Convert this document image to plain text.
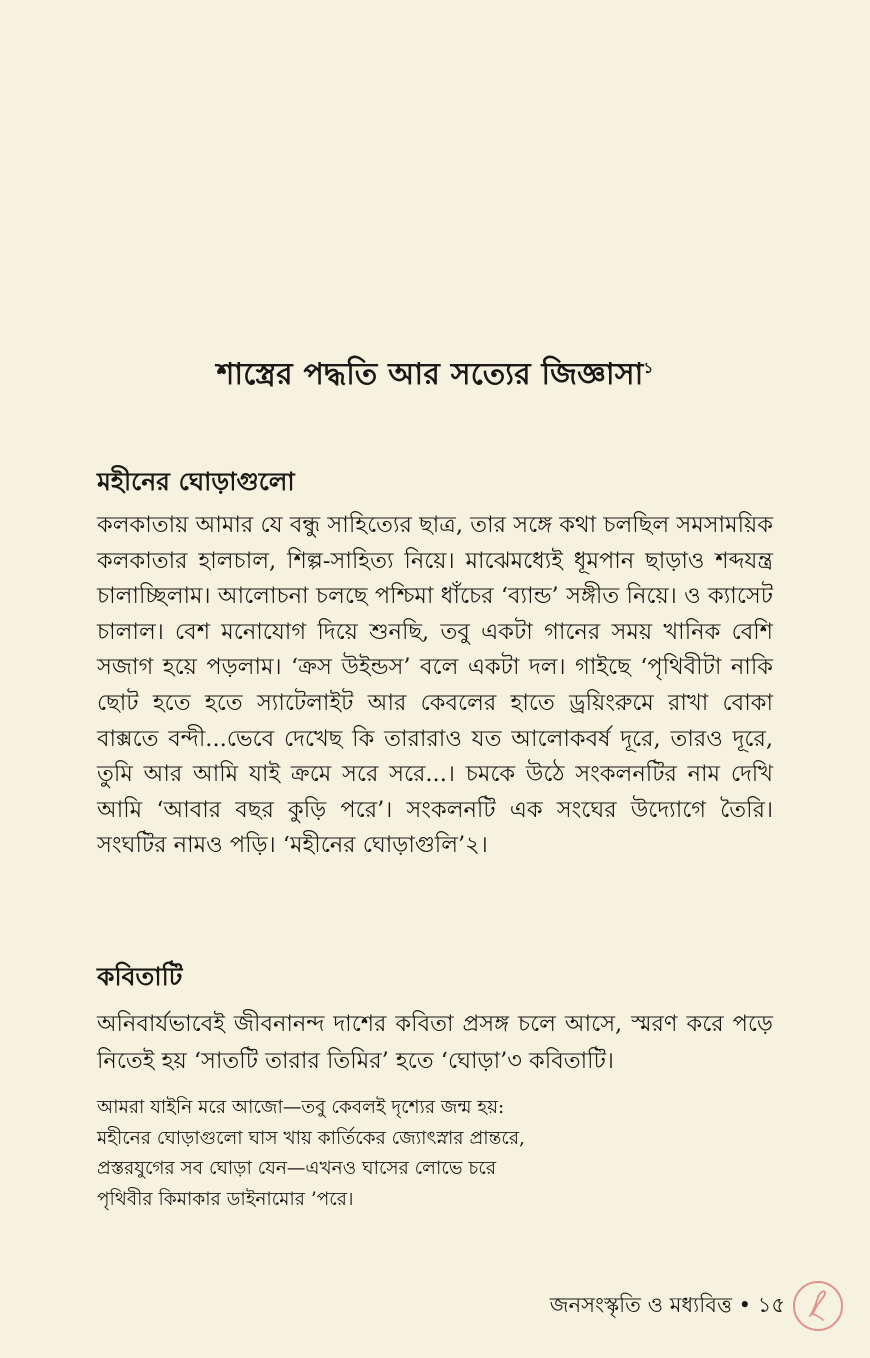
শাস্ত্রের পদ্ধতি আর সত্যের জিজ্ঞাসা$^১$
মহীনের ঘোড়াগুলো
কলকাতায় আমার যে বন্ধু সাহিত্যের ছাত্র, তার সঙ্গে কথা চলছিল সমসাময়িক কলকাতার হালচাল, শিল্প-সাহিত্য নিয়ে। মাঝেমধ্যেই ধূমপান ছাড়াও শব্দযন্ত্র চালাচ্ছিলাম। আলোচনা চলছে পশ্চিমা ধাঁচের ‘ব্যান্ড’ সঙ্গীত নিয়ে। ও ক্যাসেট চালাল। বেশ মনোযোগ দিয়ে শুনছি, তবু একটা গানের সময় খানিক বেশি সজাগ হয়ে পড়লাম। ‘ক্রস উইন্ডস’ বলে একটা দল। গাইছে ‘পৃথিবীটা নাকি ছোট হতে হতে স্যাটেলাইট আর কেবলের হাতে ড্রয়িংরুমে রাখা বোকা বাক্সতে বন্দী...ভেবে দেখেছ কি তারারাও যত আলোকবর্ষ দূরে, তারও দূরে, তুমি আর আমি যাই ক্রমে সরে সরে...। চমকে উঠে সংকলনটির নাম দেখি আমি ‘আবার বছর কুড়ি পরে’। সংকলনটি এক সংঘের উদ্যোগে তৈরি। সংঘটির নামও পড়ি। ‘মহীনের ঘোড়াগুলি’২।
কবিতাটি
অনিবার্যভাবেই জীবনানন্দ দাশের কবিতা প্রসঙ্গ চলে আসে, স্মরণ করে পড়ে নিতেই হয় ‘সাতটি তারার তিমির’ হতে ‘ঘোড়া’৩ কবিতাটি।
আমরা যাইনি মরে আজো—তবু কেবলই দৃশ্যের জন্ম হয়:
মহীনের ঘোড়াগুলো ঘাস খায় কার্তিকের জ্যোৎস্নার প্রান্তরে,
প্রস্তরযুগের সব ঘোড়া যেন—এখনও ঘাসের লোভে চরে
পৃথিবীর কিমাকার ডাইনামোর ’পরে।
জনসংস্কৃতি ও মধ্যবিত্ত • ১৫
